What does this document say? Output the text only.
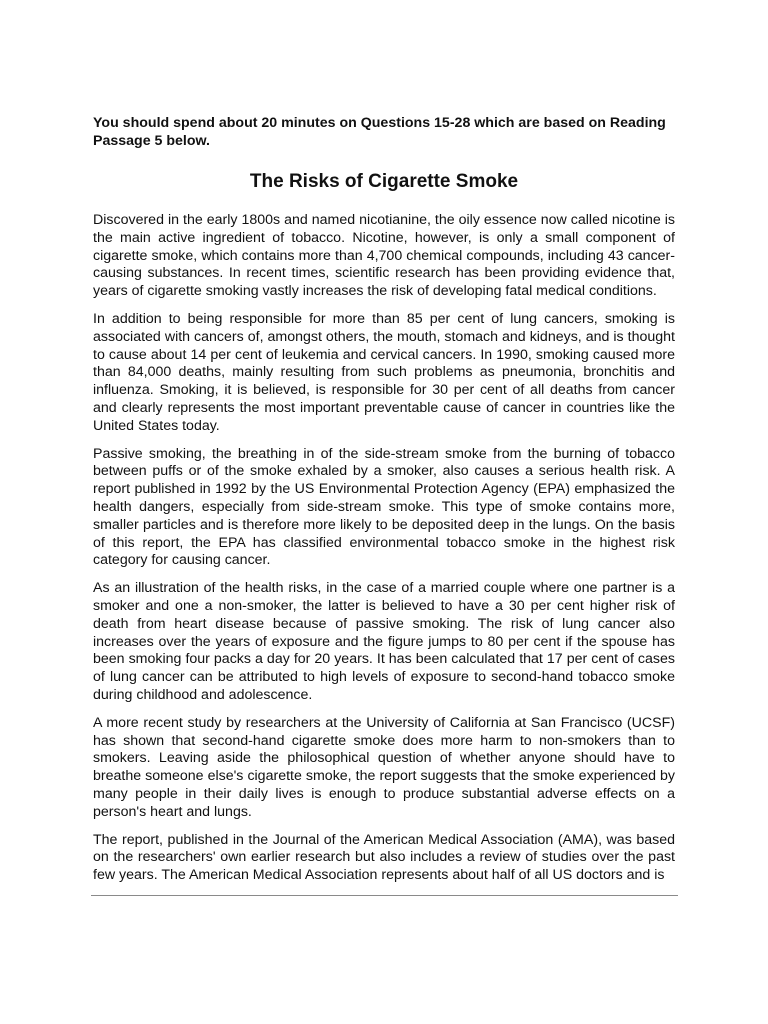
You should spend about 20 minutes on Questions 15-28 which are based on Reading Passage 5 below.

The Risks of Cigarette Smoke

Discovered in the early 1800s and named nicotianine, the oily essence now called nicotine is the main active ingredient of tobacco. Nicotine, however, is only a small component of cigarette smoke, which contains more than 4,700 chemical compounds, including 43 cancer-causing substances. In recent times, scientific research has been providing evidence that, years of cigarette smoking vastly increases the risk of developing fatal medical conditions.

In addition to being responsible for more than 85 per cent of lung cancers, smoking is associated with cancers of, amongst others, the mouth, stomach and kidneys, and is thought to cause about 14 per cent of leukemia and cervical cancers. In 1990, smoking caused more than 84,000 deaths, mainly resulting from such problems as pneumonia, bronchitis and influenza. Smoking, it is believed, is responsible for 30 per cent of all deaths from cancer and clearly represents the most important preventable cause of cancer in countries like the United States today.

Passive smoking, the breathing in of the side-stream smoke from the burning of tobacco between puffs or of the smoke exhaled by a smoker, also causes a serious health risk. A report published in 1992 by the US Environmental Protection Agency (EPA) emphasized the health dangers, especially from side-stream smoke. This type of smoke contains more, smaller particles and is therefore more likely to be deposited deep in the lungs. On the basis of this report, the EPA has classified environmental tobacco smoke in the highest risk category for causing cancer.

As an illustration of the health risks, in the case of a married couple where one partner is a smoker and one a non-smoker, the latter is believed to have a 30 per cent higher risk of death from heart disease because of passive smoking. The risk of lung cancer also increases over the years of exposure and the figure jumps to 80 per cent if the spouse has been smoking four packs a day for 20 years. It has been calculated that 17 per cent of cases of lung cancer can be attributed to high levels of exposure to second-hand tobacco smoke during childhood and adolescence.

A more recent study by researchers at the University of California at San Francisco (UCSF) has shown that second-hand cigarette smoke does more harm to non-smokers than to smokers. Leaving aside the philosophical question of whether anyone should have to breathe someone else's cigarette smoke, the report suggests that the smoke experienced by many people in their daily lives is enough to produce substantial adverse effects on a person's heart and lungs.

The report, published in the Journal of the American Medical Association (AMA), was based on the researchers' own earlier research but also includes a review of studies over the past few years. The American Medical Association represents about half of all US doctors and is
